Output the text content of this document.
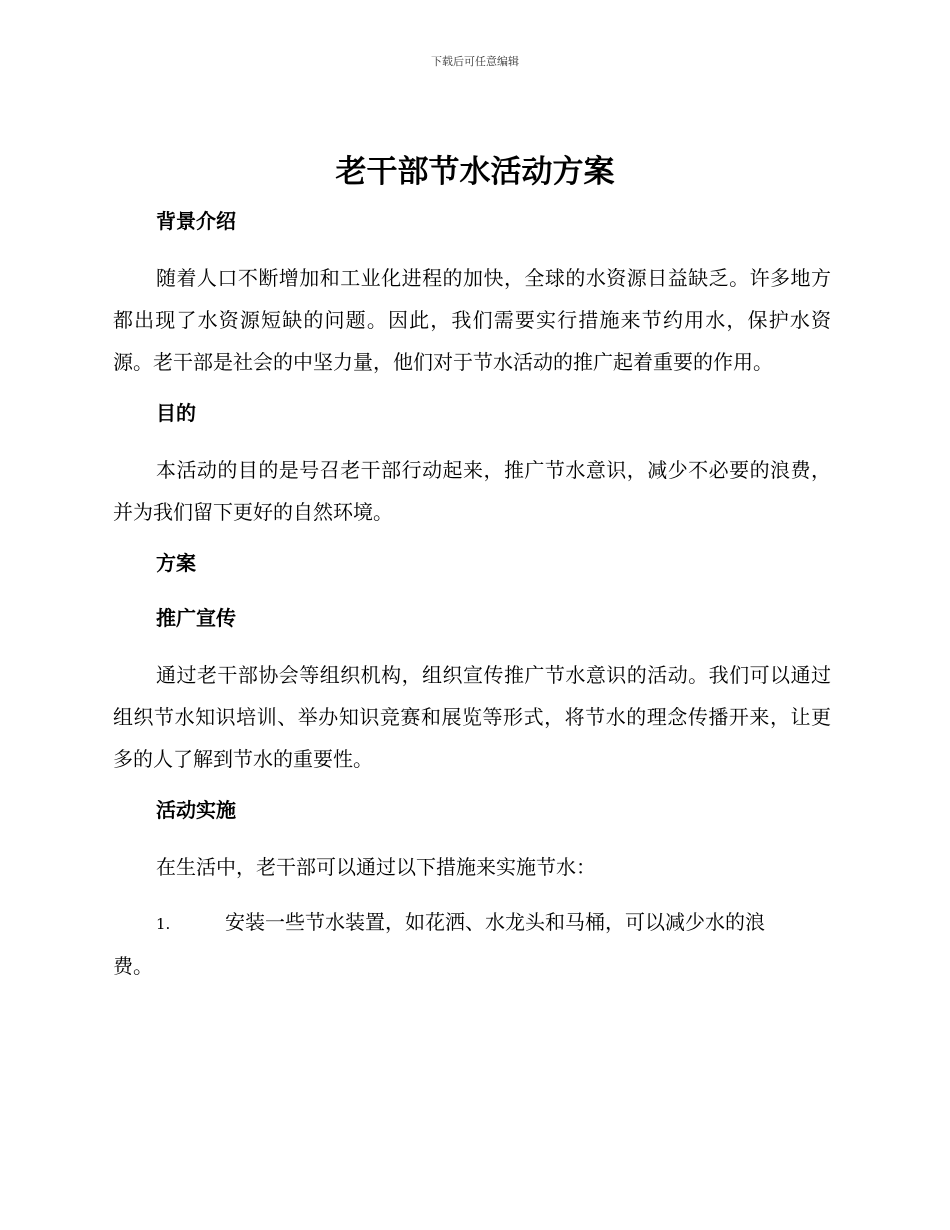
下载后可任意编辑
老干部节水活动方案
背景介绍

随着人口不断增加和工业化进程的加快，全球的水资源日益缺乏。许多地方都出现了水资源短缺的问题。因此，我们需要实行措施来节约用水，保护水资源。老干部是社会的中坚力量，他们对于节水活动的推广起着重要的作用。

目的

本活动的目的是号召老干部行动起来，推广节水意识，减少不必要的浪费，并为我们留下更好的自然环境。

方案
推广宣传

通过老干部协会等组织机构，组织宣传推广节水意识的活动。我们可以通过组织节水知识培训、举办知识竞赛和展览等形式，将节水的理念传播开来，让更多的人了解到节水的重要性。

活动实施

在生活中，老干部可以通过以下措施来实施节水：

1.	安装一些节水装置，如花洒、水龙头和马桶，可以减少水的浪

费。
